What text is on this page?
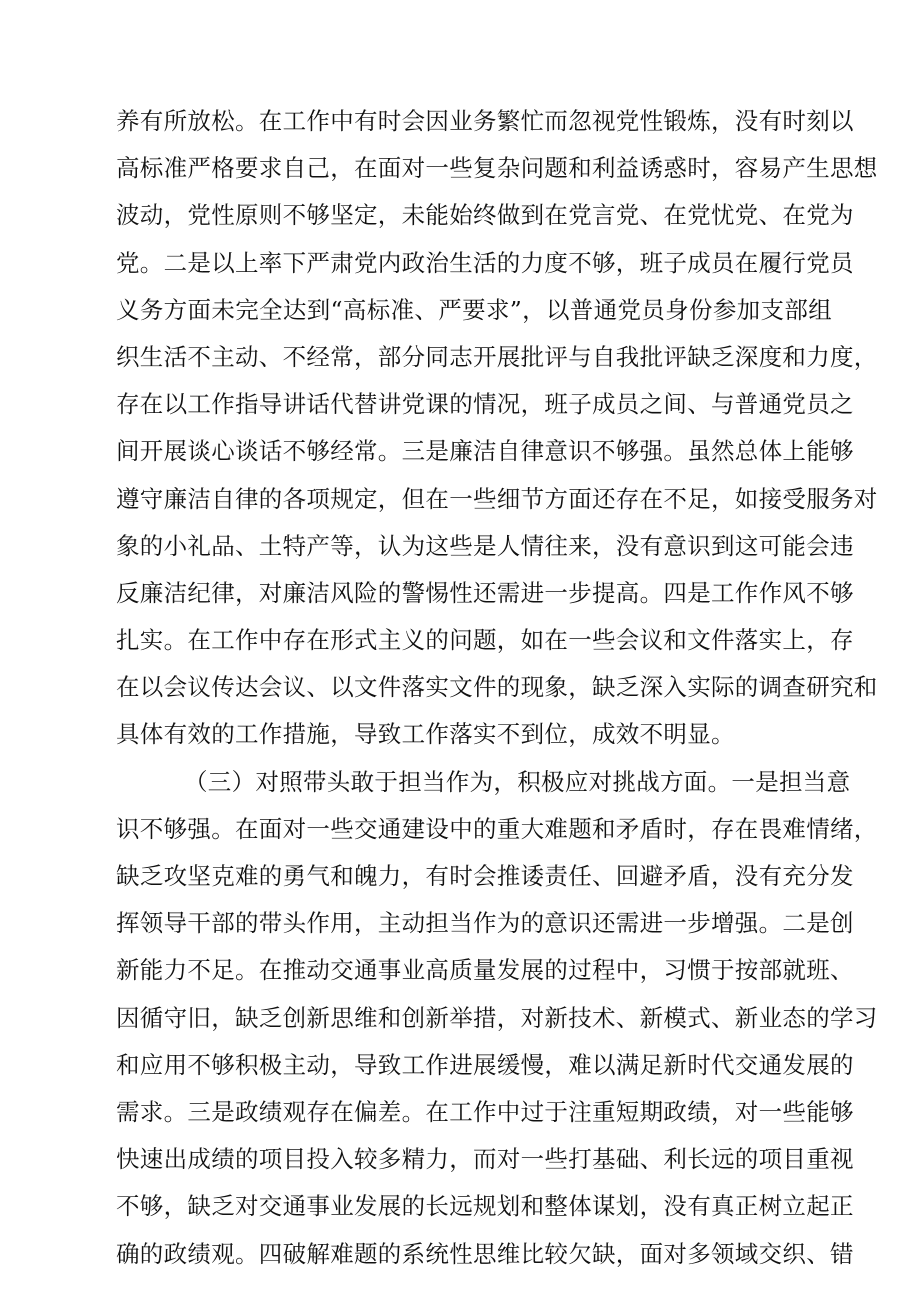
养有所放松。在工作中有时会因业务繁忙而忽视党性锻炼，没有时刻以
高标准严格要求自己，在面对一些复杂问题和利益诱惑时，容易产生思想
波动，党性原则不够坚定，未能始终做到在党言党、在党忧党、在党为
党。二是以上率下严肃党内政治生活的力度不够，班子成员在履行党员
义务方面未完全达到“高标准、严要求”，以普通党员身份参加支部组
织生活不主动、不经常，部分同志开展批评与自我批评缺乏深度和力度，
存在以工作指导讲话代替讲党课的情况，班子成员之间、与普通党员之
间开展谈心谈话不够经常。三是廉洁自律意识不够强。虽然总体上能够
遵守廉洁自律的各项规定，但在一些细节方面还存在不足，如接受服务对
象的小礼品、土特产等，认为这些是人情往来，没有意识到这可能会违
反廉洁纪律，对廉洁风险的警惕性还需进一步提高。四是工作作风不够
扎实。在工作中存在形式主义的问题，如在一些会议和文件落实上，存
在以会议传达会议、以文件落实文件的现象，缺乏深入实际的调查研究和
具体有效的工作措施，导致工作落实不到位，成效不明显。
（三）对照带头敢于担当作为，积极应对挑战方面。一是担当意
识不够强。在面对一些交通建设中的重大难题和矛盾时，存在畏难情绪，
缺乏攻坚克难的勇气和魄力，有时会推诿责任、回避矛盾，没有充分发
挥领导干部的带头作用，主动担当作为的意识还需进一步增强。二是创
新能力不足。在推动交通事业高质量发展的过程中，习惯于按部就班、
因循守旧，缺乏创新思维和创新举措，对新技术、新模式、新业态的学习
和应用不够积极主动，导致工作进展缓慢，难以满足新时代交通发展的
需求。三是政绩观存在偏差。在工作中过于注重短期政绩，对一些能够
快速出成绩的项目投入较多精力，而对一些打基础、利长远的项目重视
不够，缺乏对交通事业发展的长远规划和整体谋划，没有真正树立起正
确的政绩观。四破解难题的系统性思维比较欠缺，面对多领域交织、错
